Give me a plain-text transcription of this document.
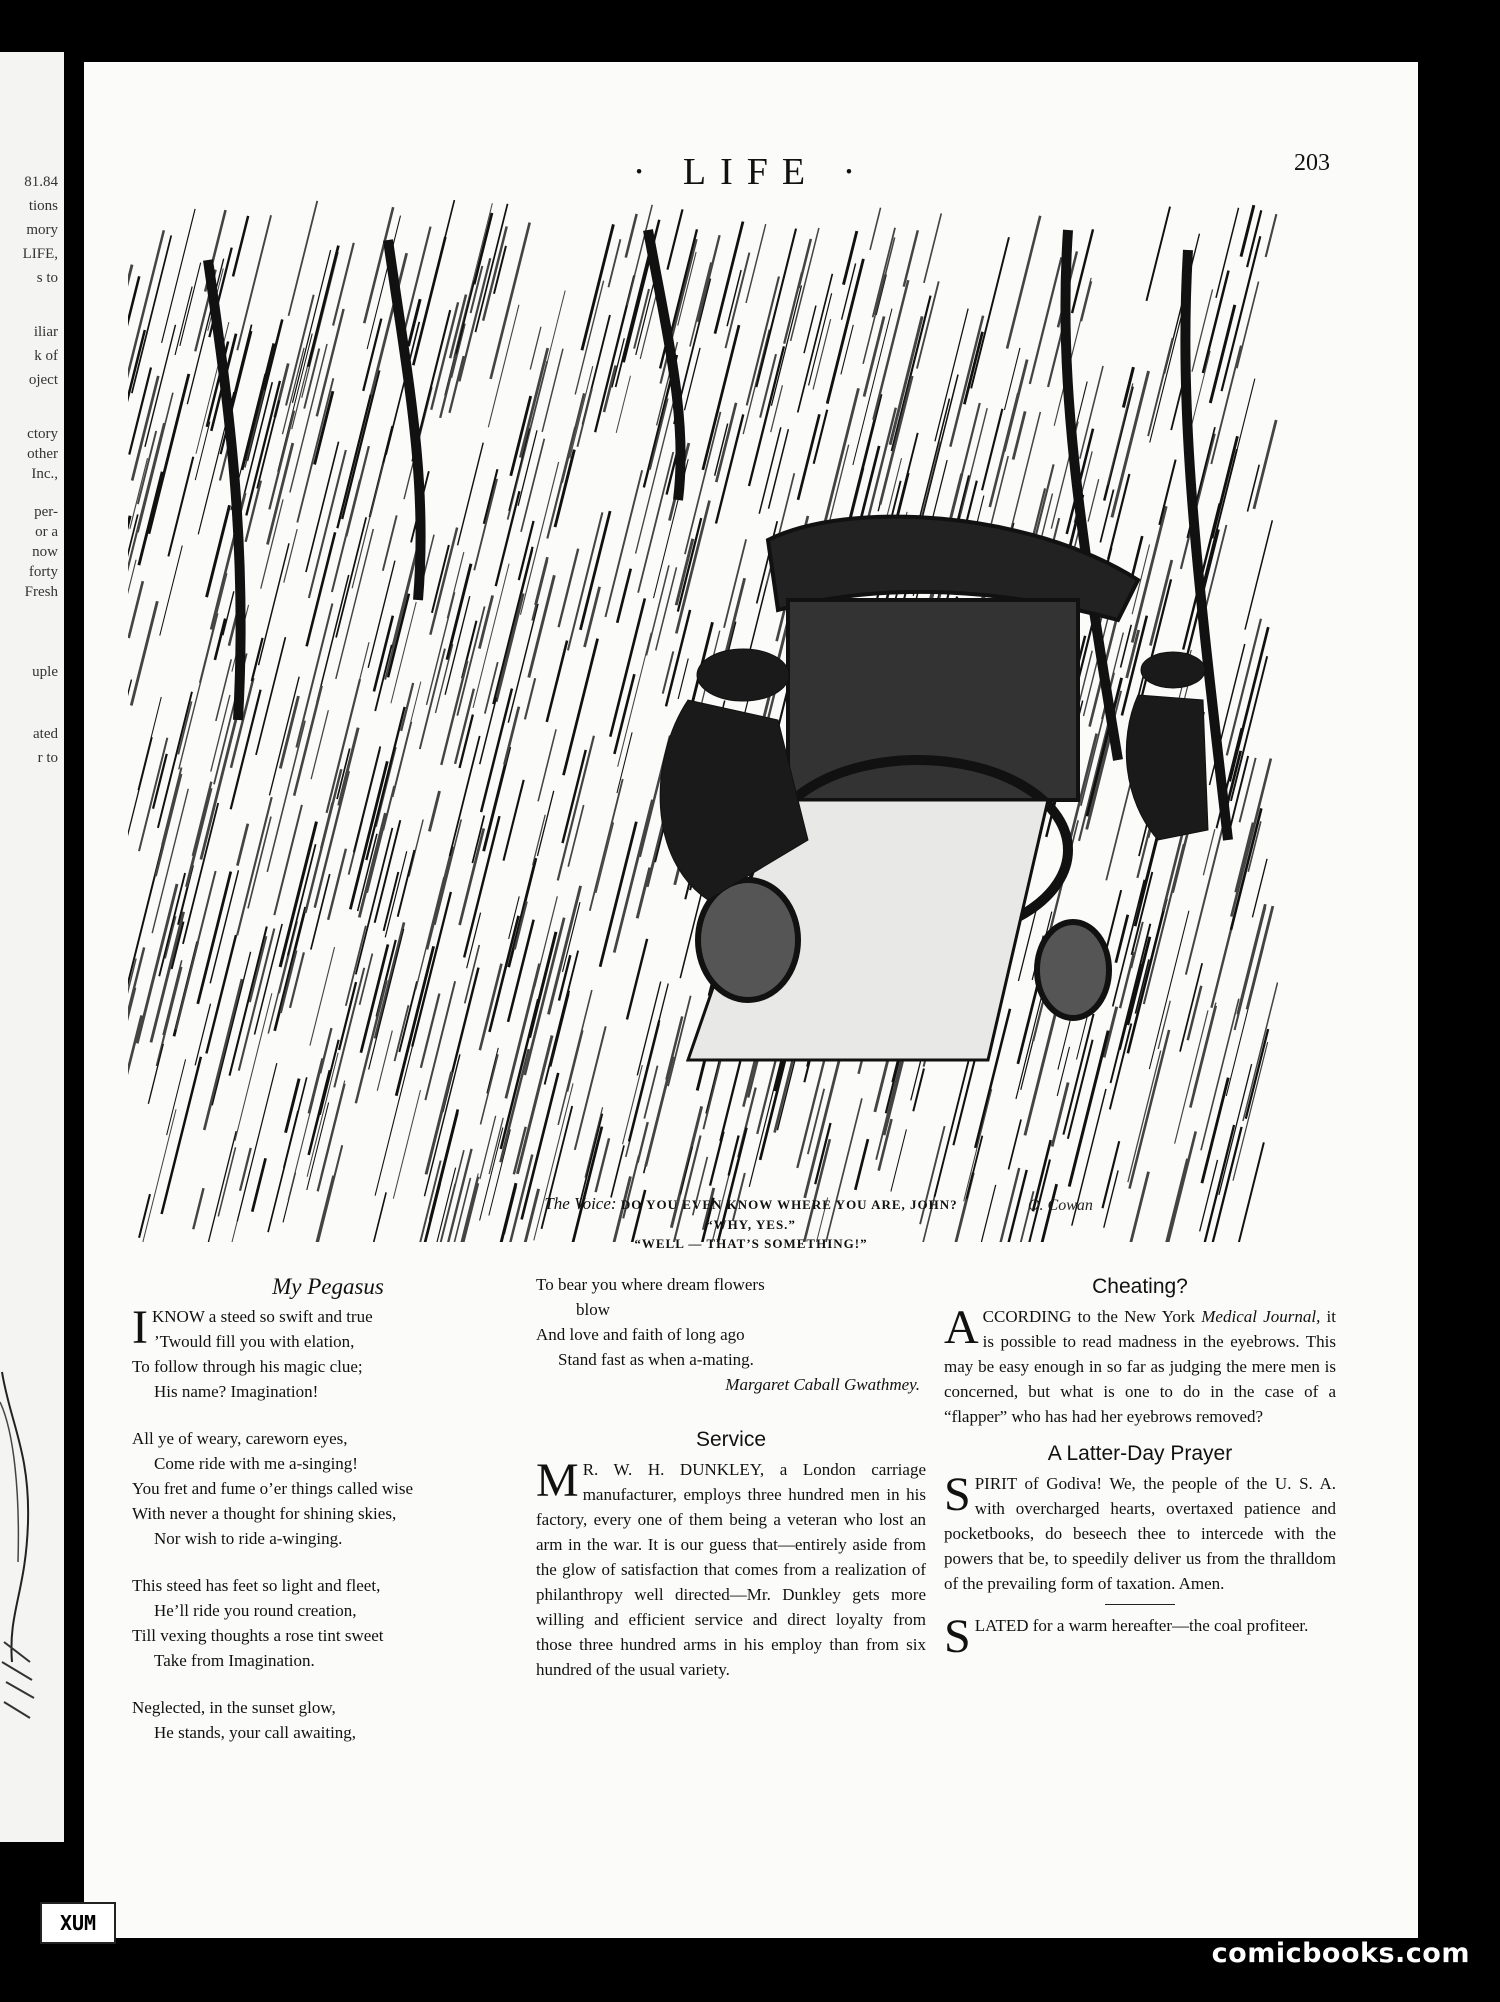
81.84
tions
mory
LIFE,
s to
iliar
k of
oject
ctory
other
Inc.,
per-
or a
now
forty
Fresh
uple
ated
r to
· LIFE ·	203
O. Cowan
The Voice: DO YOU EVEN KNOW WHERE YOU ARE, JOHN?
“WHY, YES.”
“WELL — THAT’S SOMETHING!”
My Pegasus
I KNOW a steed so swift and true

’Twould fill you with elation,

To follow through his magic clue;

His name? Imagination!

All ye of weary, careworn eyes,

Come ride with me a-singing!

You fret and fume o’er things called wise

With never a thought for shining skies,

Nor wish to ride a-winging.

This steed has feet so light and fleet,

He’ll ride you round creation,

Till vexing thoughts a rose tint sweet

Take from Imagination.

Neglected, in the sunset glow,

He stands, your call awaiting,

To bear you where dream flowers

blow

And love and faith of long ago

Stand fast as when a-mating.

Margaret Caball Gwathmey.

Service
M R. W. H. DUNKLEY, a London carriage manufacturer, employs three hundred men in his factory, every one of them being a veteran who lost an arm in the war. It is our guess that—entirely aside from the glow of satisfaction that comes from a realization of philanthropy well directed—Mr. Dunkley gets more willing and efficient service and direct loyalty from those three hundred arms in his employ than from six hundred of the usual variety.
Cheating?
A CCORDING to the New York Medical Journal, it is possible to read madness in the eyebrows. This may be easy enough in so far as judging the mere men is concerned, but what is one to do in the case of a “flapper” who has had her eyebrows removed?
A Latter-Day Prayer
S PIRIT of Godiva! We, the people of the U. S. A. with overcharged hearts, overtaxed patience and pocketbooks, do beseech thee to intercede with the powers that be, to speedily deliver us from the thralldom of the prevailing form of taxation. Amen.
S LATED for a warm hereafter—the coal profiteer.
XUM
comicbooks.com
